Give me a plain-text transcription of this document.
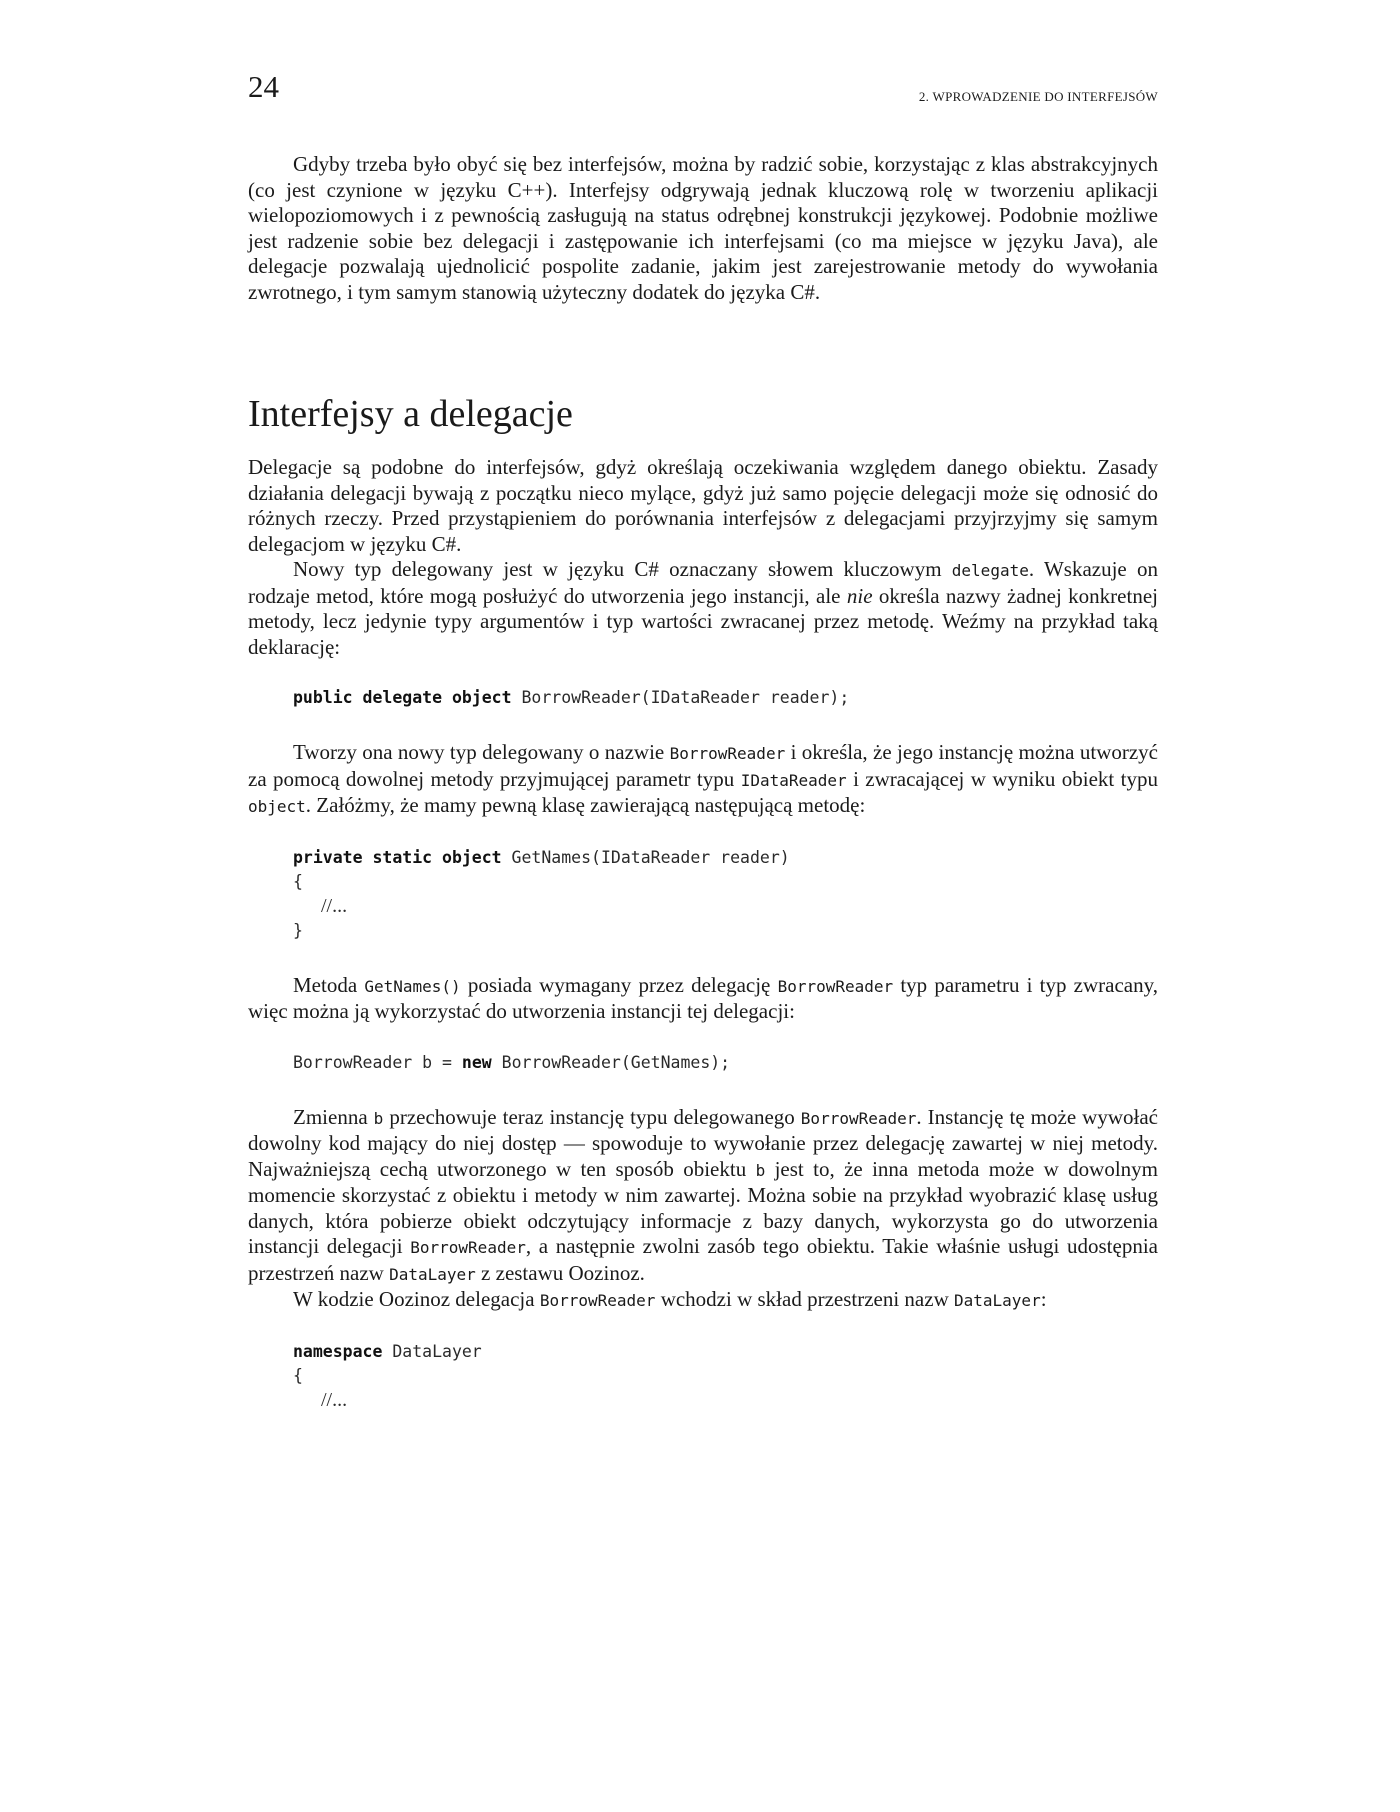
24	2. WPROWADZENIE DO INTERFEJSÓW

Gdyby trzeba było obyć się bez interfejsów, można by radzić sobie, korzystając z klas abstrakcyjnych (co jest czynione w języku C++). Interfejsy odgrywają jednak kluczową rolę w tworzeniu aplikacji wielopoziomowych i z pewnością zasługują na status odrębnej konstrukcji językowej. Podobnie możliwe jest radzenie sobie bez delegacji i zastępowanie ich interfejsami (co ma miejsce w języku Java), ale delegacje pozwalają ujednolicić pospolite zadanie, jakim jest zarejestrowanie metody do wywołania zwrotnego, i tym samym stanowią użyteczny dodatek do języka C#.

Interfejsy a delegacje

Delegacje są podobne do interfejsów, gdyż określają oczekiwania względem danego obiektu. Zasady działania delegacji bywają z początku nieco mylące, gdyż już samo pojęcie delegacji może się odnosić do różnych rzeczy. Przed przystąpieniem do porównania interfejsów z delegacjami przyjrzyjmy się samym delegacjom w języku C#.

Nowy typ delegowany jest w języku C# oznaczany słowem kluczowym delegate. Wskazuje on rodzaje metod, które mogą posłużyć do utworzenia jego instancji, ale nie określa nazwy żadnej konkretnej metody, lecz jedynie typy argumentów i typ wartości zwracanej przez metodę. Weźmy na przykład taką deklarację:

public delegate object BorrowReader(IDataReader reader);

Tworzy ona nowy typ delegowany o nazwie BorrowReader i określa, że jego instancję można utworzyć za pomocą dowolnej metody przyjmującej parametr typu IDataReader i zwracającej w wyniku obiekt typu object. Załóżmy, że mamy pewną klasę zawierającą następującą metodę:

private static object GetNames(IDataReader reader)
{
//...
}

Metoda GetNames() posiada wymagany przez delegację BorrowReader typ parametru i typ zwracany, więc można ją wykorzystać do utworzenia instancji tej delegacji:

BorrowReader b = new BorrowReader(GetNames);

Zmienna b przechowuje teraz instancję typu delegowanego BorrowReader. Instancję tę może wywołać dowolny kod mający do niej dostęp — spowoduje to wywołanie przez delegację zawartej w niej metody. Najważniejszą cechą utworzonego w ten sposób obiektu b jest to, że inna metoda może w dowolnym momencie skorzystać z obiektu i metody w nim zawartej. Można sobie na przykład wyobrazić klasę usług danych, która pobierze obiekt odczytujący informacje z bazy danych, wykorzysta go do utworzenia instancji delegacji BorrowReader, a następnie zwolni zasób tego obiektu. Takie właśnie usługi udostępnia przestrzeń nazw DataLayer z zestawu Oozinoz.

W kodzie Oozinoz delegacja BorrowReader wchodzi w skład przestrzeni nazw DataLayer:

namespace DataLayer
{
//...
